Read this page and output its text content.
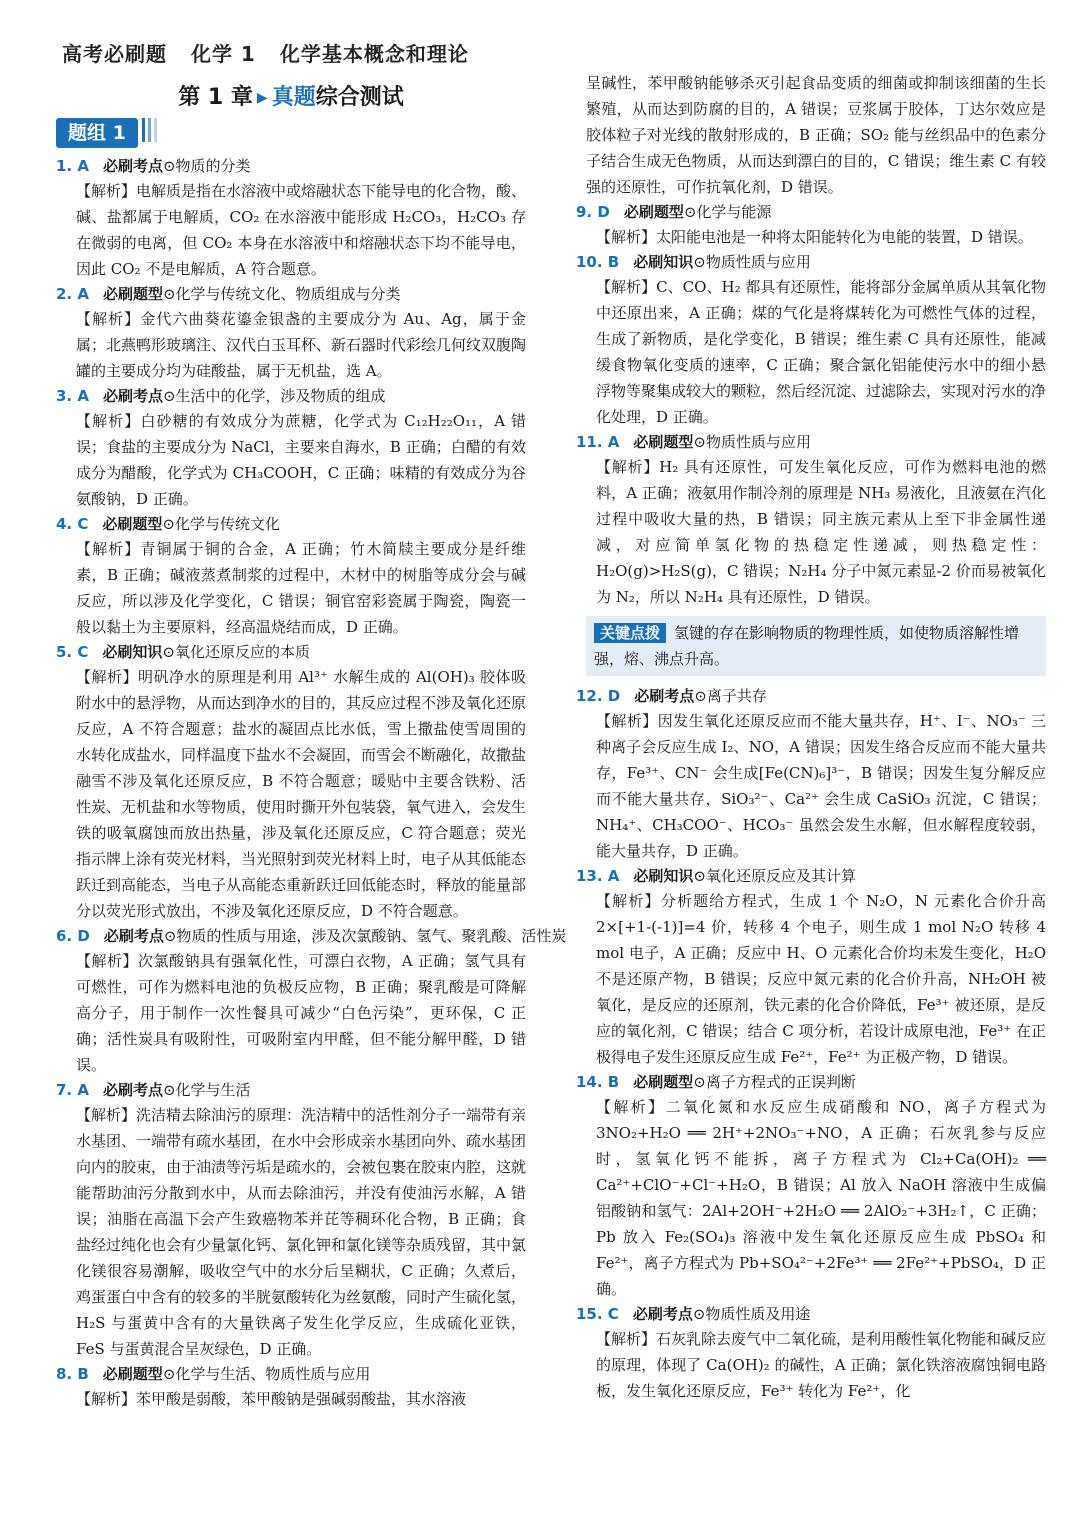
高考必刷题 化学 1 化学基本概念和理论
第 1 章 ▶ 真题综合测试
题组 1
1. A 必刷考点⊙物质的分类
【解析】电解质是指在水溶液中或熔融状态下能导电的化合物，酸、碱、盐都属于电解质，CO₂ 在水溶液中能形成 H₂CO₃，H₂CO₃ 存在微弱的电离，但 CO₂ 本身在水溶液中和熔融状态下均不能导电，因此 CO₂ 不是电解质，A 符合题意。
2. A 必刷题型⊙化学与传统文化、物质组成与分类
【解析】金代六曲葵花鎏金银盏的主要成分为 Au、Ag，属于金属；北燕鸭形玻璃注、汉代白玉耳杯、新石器时代彩绘几何纹双腹陶罐的主要成分均为硅酸盐，属于无机盐，选 A。
3. A 必刷考点⊙生活中的化学，涉及物质的组成
【解析】白砂糖的有效成分为蔗糖，化学式为 C₁₂H₂₂O₁₁，A 错误；食盐的主要成分为 NaCl，主要来自海水，B 正确；白醋的有效成分为醋酸，化学式为 CH₃COOH，C 正确；味精的有效成分为谷氨酸钠，D 正确。
4. C 必刷题型⊙化学与传统文化
【解析】青铜属于铜的合金，A 正确；竹木简牍主要成分是纤维素，B 正确；碱液蒸煮制浆的过程中，木材中的树脂等成分会与碱反应，所以涉及化学变化，C 错误；铜官窑彩瓷属于陶瓷，陶瓷一般以黏土为主要原料，经高温烧结而成，D 正确。
5. C 必刷知识⊙氧化还原反应的本质
【解析】明矾净水的原理是利用 Al³⁺ 水解生成的 Al(OH)₃ 胶体吸附水中的悬浮物，从而达到净水的目的，其反应过程不涉及氧化还原反应，A 不符合题意；盐水的凝固点比水低，雪上撒盐使雪周围的水转化成盐水，同样温度下盐水不会凝固，而雪会不断融化，故撒盐融雪不涉及氧化还原反应，B 不符合题意；暖贴中主要含铁粉、活性炭、无机盐和水等物质，使用时撕开外包装袋，氧气进入，会发生铁的吸氧腐蚀而放出热量，涉及氧化还原反应，C 符合题意；荧光指示牌上涂有荧光材料，当光照射到荧光材料上时，电子从其低能态跃迁到高能态，当电子从高能态重新跃迁回低能态时，释放的能量部分以荧光形式放出，不涉及氧化还原反应，D 不符合题意。
6. D 必刷考点⊙物质的性质与用途，涉及次氯酸钠、氢气、聚乳酸、活性炭
【解析】次氯酸钠具有强氧化性，可漂白衣物，A 正确；氢气具有可燃性，可作为燃料电池的负极反应物，B 正确；聚乳酸是可降解高分子，用于制作一次性餐具可减少“白色污染”，更环保，C 正确；活性炭具有吸附性，可吸附室内甲醛，但不能分解甲醛，D 错误。
7. A 必刷考点⊙化学与生活
【解析】洗洁精去除油污的原理：洗洁精中的活性剂分子一端带有亲水基团、一端带有疏水基团，在水中会形成亲水基团向外、疏水基团向内的胶束，由于油渍等污垢是疏水的，会被包裹在胶束内腔，这就能帮助油污分散到水中，从而去除油污，并没有使油污水解，A 错误；油脂在高温下会产生致癌物苯并芘等稠环化合物，B 正确；食盐经过纯化也会有少量氯化钙、氯化钾和氯化镁等杂质残留，其中氯化镁很容易潮解，吸收空气中的水分后呈糊状，C 正确；久煮后，鸡蛋蛋白中含有的较多的半胱氨酸转化为丝氨酸，同时产生硫化氢，H₂S 与蛋黄中含有的大量铁离子发生化学反应，生成硫化亚铁，FeS 与蛋黄混合呈灰绿色，D 正确。
8. B 必刷题型⊙化学与生活、物质性质与应用
【解析】苯甲酸是弱酸，苯甲酸钠是强碱弱酸盐，其水溶液
呈碱性，苯甲酸钠能够杀灭引起食品变质的细菌或抑制该细菌的生长繁殖，从而达到防腐的目的，A 错误；豆浆属于胶体，丁达尔效应是胶体粒子对光线的散射形成的，B 正确；SO₂ 能与丝织品中的色素分子结合生成无色物质，从而达到漂白的目的，C 错误；维生素 C 有较强的还原性，可作抗氧化剂，D 错误。
9. D 必刷题型⊙化学与能源
【解析】太阳能电池是一种将太阳能转化为电能的装置，D 错误。
10. B 必刷知识⊙物质性质与应用
【解析】C、CO、H₂ 都具有还原性，能将部分金属单质从其氧化物中还原出来，A 正确；煤的气化是将煤转化为可燃性气体的过程，生成了新物质，是化学变化，B 错误；维生素 C 具有还原性，能减缓食物氧化变质的速率，C 正确；聚合氯化铝能使污水中的细小悬浮物等聚集成较大的颗粒，然后经沉淀、过滤除去，实现对污水的净化处理，D 正确。
11. A 必刷题型⊙物质性质与应用
【解析】H₂ 具有还原性，可发生氧化反应，可作为燃料电池的燃料，A 正确；液氨用作制冷剂的原理是 NH₃ 易液化，且液氨在汽化过程中吸收大量的热，B 错误；同主族元素从上至下非金属性递减，对应简单氢化物的热稳定性递减，则热稳定性：H₂O(g)>H₂S(g)，C 错误；N₂H₄ 分子中氮元素显-2 价而易被氧化为 N₂，所以 N₂H₄ 具有还原性，D 错误。
关键点拨 氢键的存在影响物质的物理性质，如使物质溶解性增强，熔、沸点升高。
12. D 必刷考点⊙离子共存
【解析】因发生氧化还原反应而不能大量共存，H⁺、I⁻、NO₃⁻ 三种离子会反应生成 I₂、NO，A 错误；因发生络合反应而不能大量共存，Fe³⁺、CN⁻ 会生成[Fe(CN)₆]³⁻，B 错误；因发生复分解反应而不能大量共存，SiO₃²⁻、Ca²⁺ 会生成 CaSiO₃ 沉淀，C 错误；NH₄⁺、CH₃COO⁻、HCO₃⁻ 虽然会发生水解，但水解程度较弱，能大量共存，D 正确。
13. A 必刷知识⊙氧化还原反应及其计算
【解析】分析题给方程式，生成 1 个 N₂O，N 元素化合价升高 2×[+1-(-1)]=4 价，转移 4 个电子，则生成 1 mol N₂O 转移 4 mol 电子，A 正确；反应中 H、O 元素化合价均未发生变化，H₂O 不是还原产物，B 错误；反应中氮元素的化合价升高，NH₂OH 被氧化，是反应的还原剂，铁元素的化合价降低，Fe³⁺ 被还原，是反应的氧化剂，C 错误；结合 C 项分析，若设计成原电池，Fe³⁺ 在正极得电子发生还原反应生成 Fe²⁺，Fe²⁺ 为正极产物，D 错误。
14. B 必刷题型⊙离子方程式的正误判断
【解析】二氧化氮和水反应生成硝酸和 NO，离子方程式为 3NO₂+H₂O ══ 2H⁺+2NO₃⁻+NO，A 正确；石灰乳参与反应时，氢氧化钙不能拆，离子方程式为 Cl₂+Ca(OH)₂ ══ Ca²⁺+ClO⁻+Cl⁻+H₂O，B 错误；Al 放入 NaOH 溶液中生成偏铝酸钠和氢气：2Al+2OH⁻+2H₂O ══ 2AlO₂⁻+3H₂↑，C 正确；Pb 放入 Fe₂(SO₄)₃ 溶液中发生氧化还原反应生成 PbSO₄ 和 Fe²⁺，离子方程式为 Pb+SO₄²⁻+2Fe³⁺ ══ 2Fe²⁺+PbSO₄，D 正确。
15. C 必刷考点⊙物质性质及用途
【解析】石灰乳除去废气中二氧化硫，是利用酸性氧化物能和碱反应的原理，体现了 Ca(OH)₂ 的碱性，A 正确；氯化铁溶液腐蚀铜电路板，发生氧化还原反应，Fe³⁺ 转化为 Fe²⁺，化
